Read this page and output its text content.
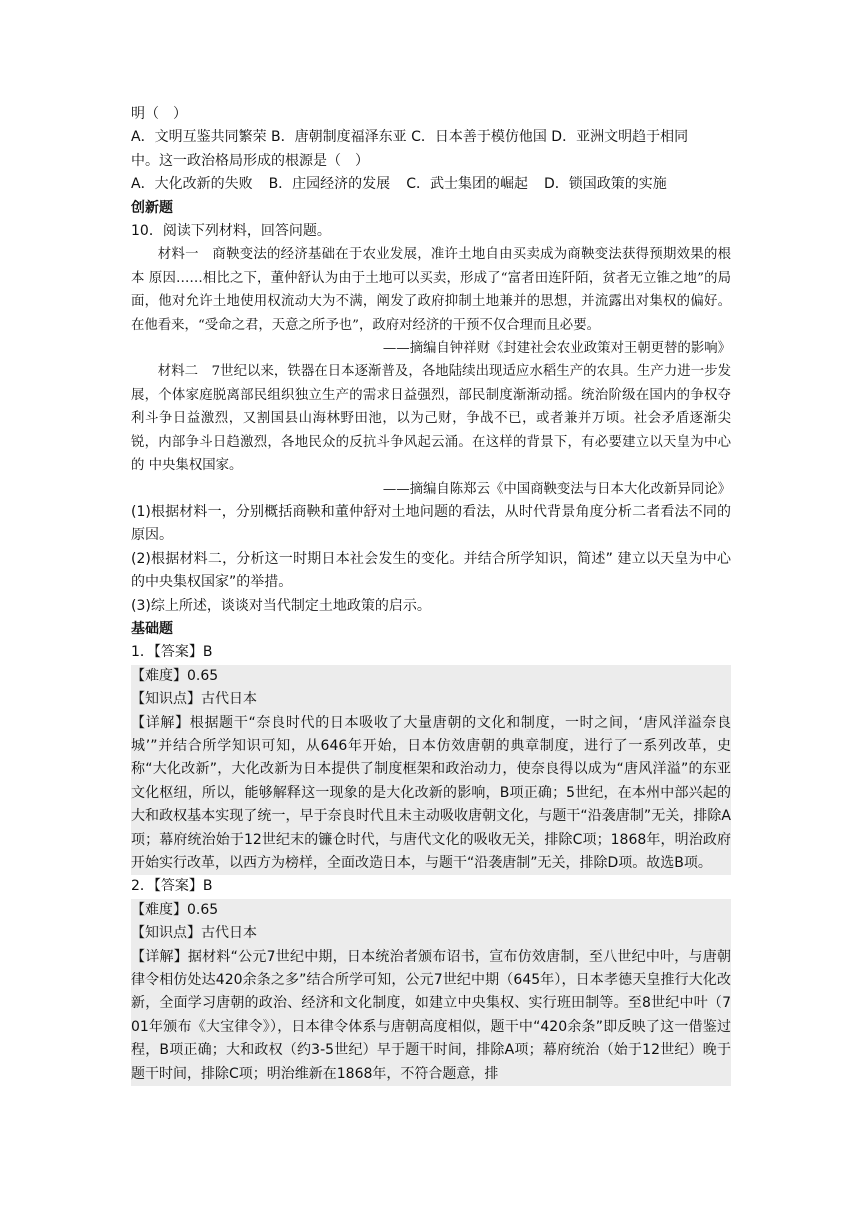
明（　）

A．文明互鉴共同繁荣 B．唐朝制度福泽东亚 C．日本善于模仿他国 D．亚洲文明趋于相同

中。这一政治格局形成的根源是（　）

A．大化改新的失败 B．庄园经济的发展 C．武士集团的崛起 D．锁国政策的实施

创新题

10．阅读下列材料，回答问题。

材料一　商鞅变法的经济基础在于农业发展，准许土地自由买卖成为商鞅变法获得预期效果的根本 原因……相比之下，董仲舒认为由于土地可以买卖，形成了“富者田连阡陌，贫者无立锥之地”的局 面，他对允许土地使用权流动大为不满，阐发了政府抑制土地兼并的思想，并流露出对集权的偏好。 在他看来，“受命之君，天意之所予也”，政府对经济的干预不仅合理而且必要。

——摘编自钟祥财《封建社会农业政策对王朝更替的影响》

材料二　7世纪以来，铁器在日本逐渐普及，各地陆续出现适应水稻生产的农具。生产力进一步发展，个体家庭脱离部民组织独立生产的需求日益强烈，部民制度渐渐动摇。统治阶级在国内的争权夺利斗争日益激烈，又割国县山海林野田池，以为己财，争战不已，或者兼并万顷。社会矛盾逐渐尖锐，内部争斗日趋激烈，各地民众的反抗斗争风起云涌。在这样的背景下，有必要建立以天皇为中心的 中央集权国家。

——摘编自陈郑云《中国商鞅变法与日本大化改新异同论》

(1)根据材料一，分别概括商鞅和董仲舒对土地问题的看法，从时代背景角度分析二者看法不同的原因。

(2)根据材料二，分析这一时期日本社会发生的变化。并结合所学知识，简述” 建立以天皇为中心　的中央集权国家”的举措。

(3)综上所述，谈谈对当代制定土地政策的启示。

基础题

1．【答案】B

【难度】0.65

【知识点】古代日本

【详解】根据题干“奈良时代的日本吸收了大量唐朝的文化和制度，一时之间，‘唐风洋溢奈良城’”并结合所学知识可知，从646年开始，日本仿效唐朝的典章制度，进行了一系列改革，史称“大化改新”，大化改新为日本提供了制度框架和政治动力，使奈良得以成为“唐风洋溢”的东亚文化枢纽，所以，能够解释这一现象的是大化改新的影响，B项正确；5世纪，在本州中部兴起的大和政权基本实现了统一，早于奈良时代且未主动吸收唐朝文化，与题干“沿袭唐制”无关，排除A项；幕府统治始于12世纪末的镰仓时代，与唐代文化的吸收无关，排除C项；1868年，明治政府开始实行改革，以西方为榜样，全面改造日本，与题干“沿袭唐制”无关，排除D项。故选B项。

2．【答案】B

【难度】0.65

【知识点】古代日本

【详解】据材料“公元7世纪中期，日本统治者颁布诏书，宣布仿效唐制，至八世纪中叶，与唐朝律令相仿处达420余条之多”结合所学可知，公元7世纪中期（645年），日本孝德天皇推行大化改新，全面学习唐朝的政治、经济和文化制度，如建立中央集权、实行班田制等。至8世纪中叶（701年颁布《大宝律令》），日本律令体系与唐朝高度相似，题干中“420余条”即反映了这一借鉴过程，B项正确；大和政权（约3-5世纪）早于题干时间，排除A项；幕府统治（始于12世纪）晚于题干时间，排除C项；明治维新在1868年，不符合题意，排
